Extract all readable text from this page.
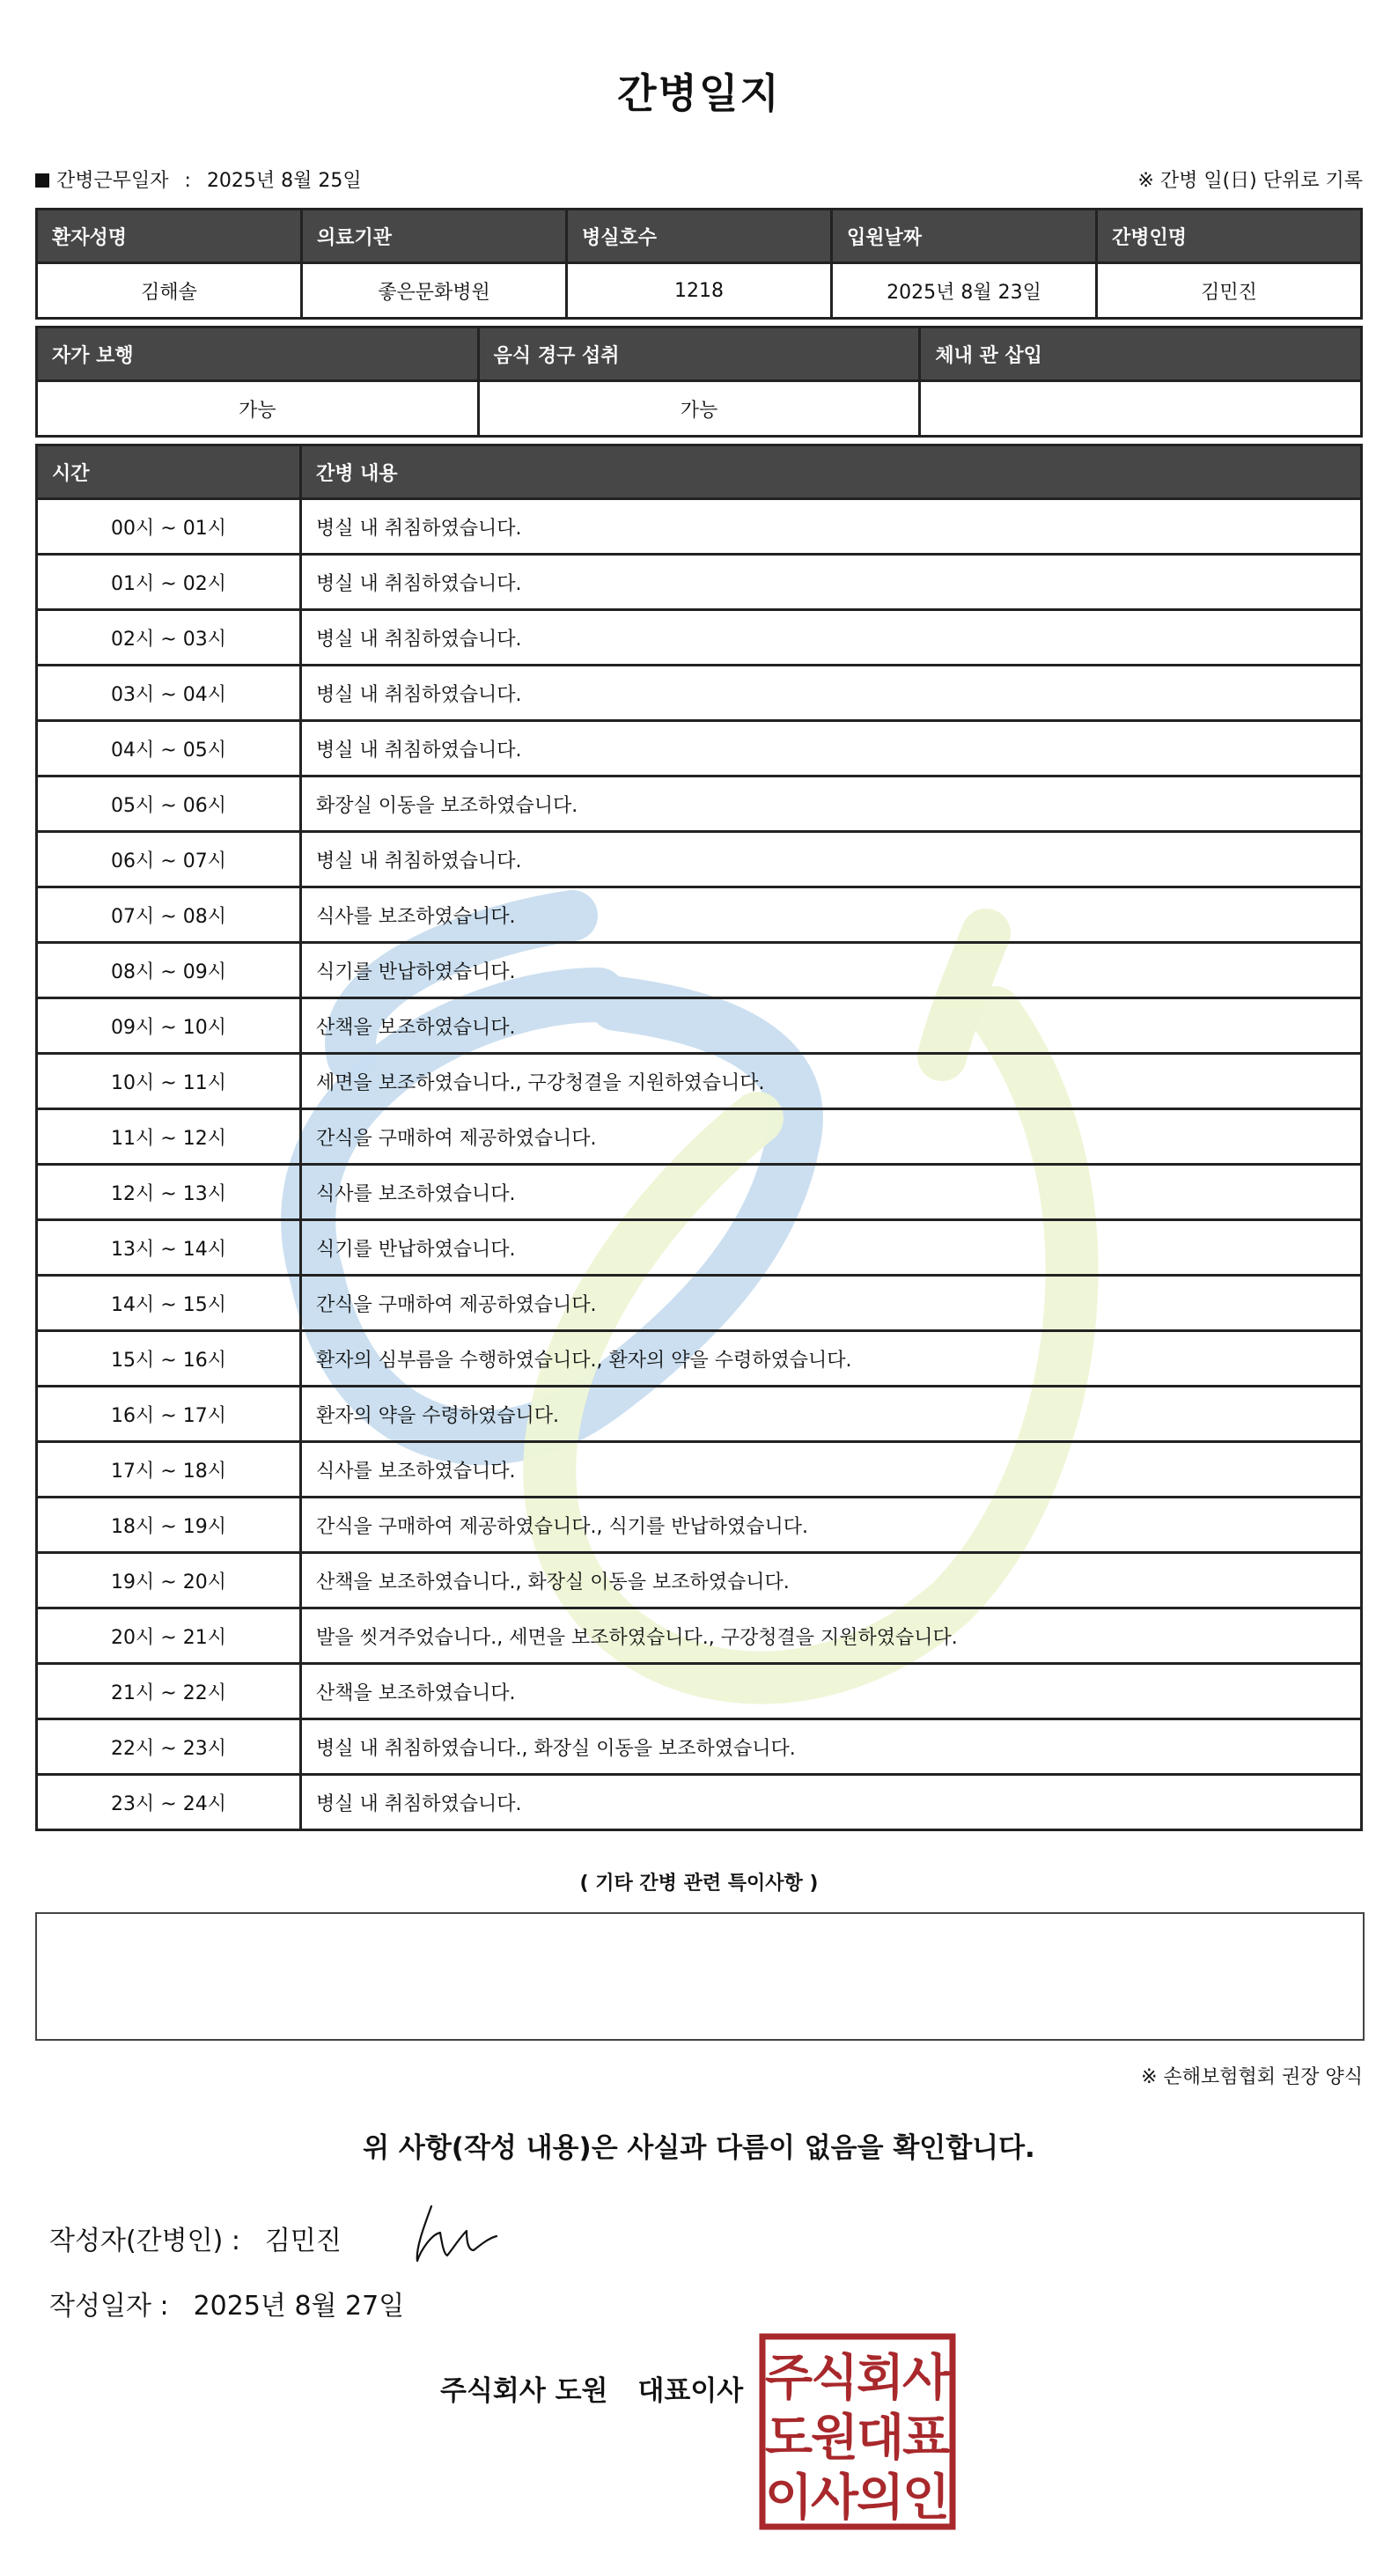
간병일지
간병근무일자 : 2025년 8월 25일	※ 간병 일(日) 단위로 기록
환자성명	의료기관	병실호수	입원날짜	간병인명
김해솔	좋은문화병원	1218	2025년 8월 23일	김민진
자가 보행	음식 경구 섭취	체내 관 삽입
가능	가능	
시간	간병 내용
00시 ~ 01시	병실 내 취침하였습니다.
01시 ~ 02시	병실 내 취침하였습니다.
02시 ~ 03시	병실 내 취침하였습니다.
03시 ~ 04시	병실 내 취침하였습니다.
04시 ~ 05시	병실 내 취침하였습니다.
05시 ~ 06시	화장실 이동을 보조하였습니다.
06시 ~ 07시	병실 내 취침하였습니다.
07시 ~ 08시	식사를 보조하였습니다.
08시 ~ 09시	식기를 반납하였습니다.
09시 ~ 10시	산책을 보조하였습니다.
10시 ~ 11시	세면을 보조하였습니다., 구강청결을 지원하였습니다.
11시 ~ 12시	간식을 구매하여 제공하였습니다.
12시 ~ 13시	식사를 보조하였습니다.
13시 ~ 14시	식기를 반납하였습니다.
14시 ~ 15시	간식을 구매하여 제공하였습니다.
15시 ~ 16시	환자의 심부름을 수행하였습니다., 환자의 약을 수령하였습니다.
16시 ~ 17시	환자의 약을 수령하였습니다.
17시 ~ 18시	식사를 보조하였습니다.
18시 ~ 19시	간식을 구매하여 제공하였습니다., 식기를 반납하였습니다.
19시 ~ 20시	산책을 보조하였습니다., 화장실 이동을 보조하였습니다.
20시 ~ 21시	발을 씻겨주었습니다., 세면을 보조하였습니다., 구강청결을 지원하였습니다.
21시 ~ 22시	산책을 보조하였습니다.
22시 ~ 23시	병실 내 취침하였습니다., 화장실 이동을 보조하였습니다.
23시 ~ 24시	병실 내 취침하였습니다.
( 기타 간병 관련 특이사항 )
※ 손해보험협회 권장 양식
위 사항(작성 내용)은 사실과 다름이 없음을 확인합니다.
작성자(간병인) : 김민진
작성일자 : 2025년 8월 27일
주식회사 도원 대표이사 주
식
회
사
도
원
대
표
이
사
의
인
